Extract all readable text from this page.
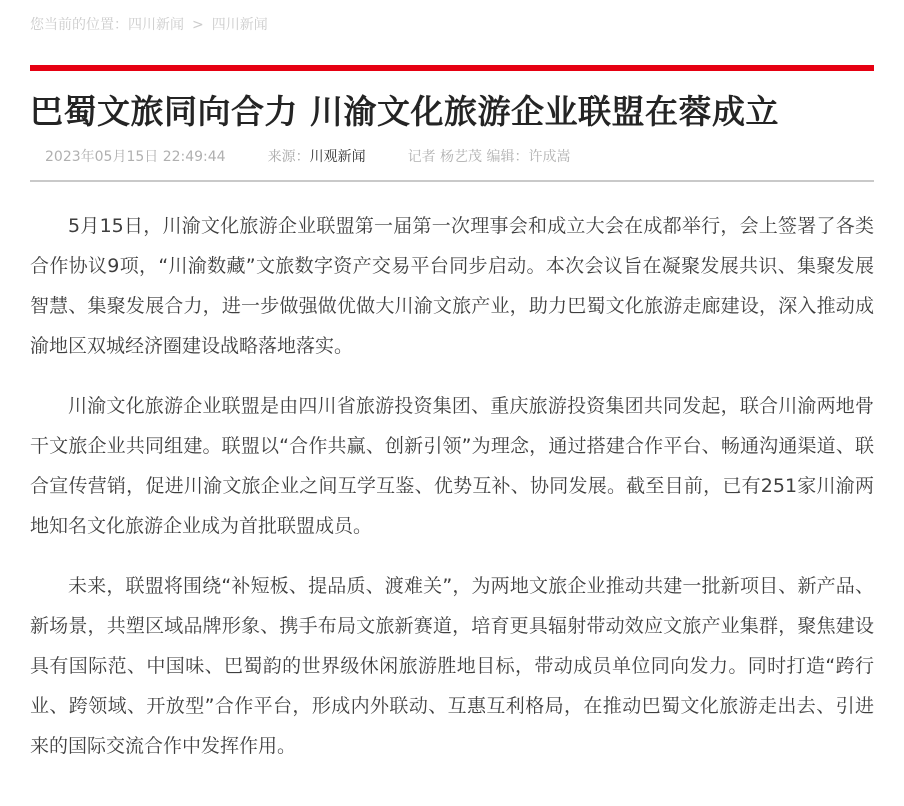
您当前的位置：四川新闻 > 四川新闻
巴蜀文旅同向合力 川渝文化旅游企业联盟在蓉成立
2023年05月15日 22:49:44	来源：川观新闻	记者 杨艺茂 编辑：许成嵩

5月15日，川渝文化旅游企业联盟第一届第一次理事会和成立大会在成都举行，会上签署了各类合作协议9项，“川渝数藏”文旅数字资产交易平台同步启动。本次会议旨在凝聚发展共识、集聚发展智慧、集聚发展合力，进一步做强做优做大川渝文旅产业，助力巴蜀文化旅游走廊建设，深入推动成渝地区双城经济圈建设战略落地落实。

川渝文化旅游企业联盟是由四川省旅游投资集团、重庆旅游投资集团共同发起，联合川渝两地骨干文旅企业共同组建。联盟以“合作共赢、创新引领”为理念，通过搭建合作平台、畅通沟通渠道、联合宣传营销，促进川渝文旅企业之间互学互鉴、优势互补、协同发展。截至目前，已有251家川渝两地知名文化旅游企业成为首批联盟成员。

未来，联盟将围绕“补短板、提品质、渡难关”，为两地文旅企业推动共建一批新项目、新产品、新场景，共塑区域品牌形象、携手布局文旅新赛道，培育更具辐射带动效应文旅产业集群，聚焦建设具有国际范、中国味、巴蜀韵的世界级休闲旅游胜地目标，带动成员单位同向发力。同时打造“跨行业、跨领域、开放型”合作平台，形成内外联动、互惠互利格局，在推动巴蜀文化旅游走出去、引进来的国际交流合作中发挥作用。
